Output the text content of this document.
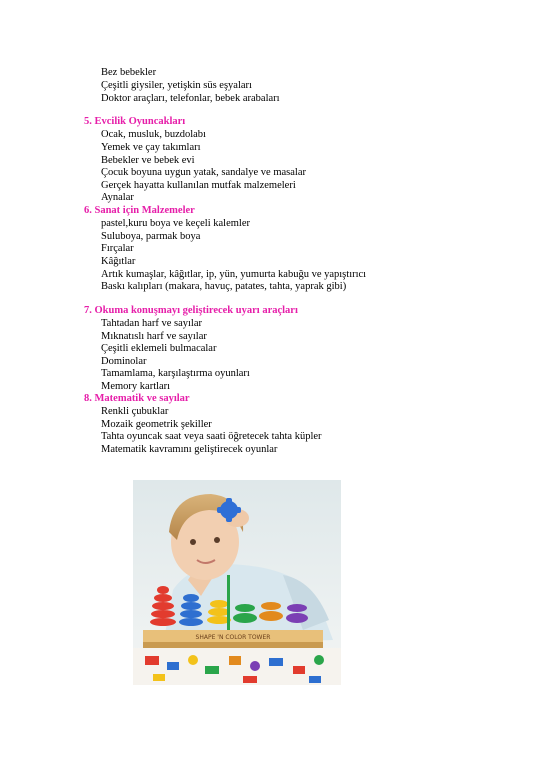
Bez bebekler
Çeşitli giysiler, yetişkin süs eşyaları
Doktor araçları, telefonlar, bebek arabaları
5. Evcilik Oyuncakları
Ocak, musluk, buzdolabı
Yemek ve çay takımları
Bebekler ve bebek evi
Çocuk boyuna uygun yatak, sandalye ve masalar
Gerçek hayatta kullanılan mutfak malzemeleri
Aynalar
6. Sanat için Malzemeler
pastel,kuru boya ve keçeli kalemler
Suluboya, parmak boya
Fırçalar
Kâğıtlar
Artık kumaşlar, kâğıtlar, ip, yün, yumurta kabuğu ve yapıştırıcı
Baskı kalıpları (makara, havuç, patates, tahta, yaprak gibi)
7. Okuma konuşmayı geliştirecek uyarı araçları
Tahtadan harf ve sayılar
Mıknatıslı harf ve sayılar
Çeşitli eklemeli bulmacalar
Dominolar
Tamamlama, karşılaştırma oyunları
Memory kartları
8. Matematik ve sayılar
Renkli çubuklar
Mozaik geometrik şekiller
Tahta oyuncak saat veya saati öğretecek tahta küpler
Matematik kavramını geliştirecek oyunlar
SHAPE 'N COLOR TOWER
